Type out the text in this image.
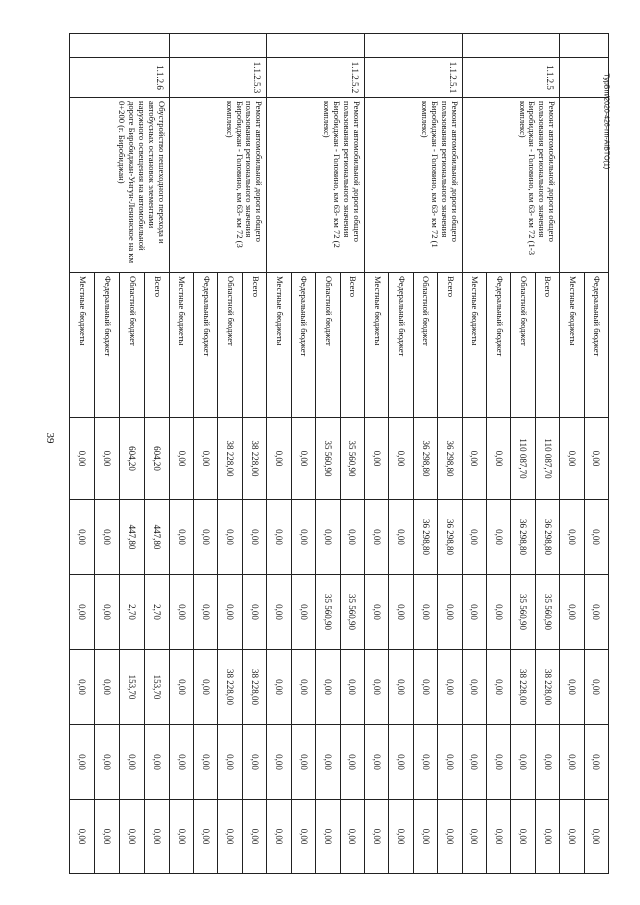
39
			Федеральный бюджет	0,00	0,00	0,00	0,00	0,00	0,00
			Местные бюджеты	0,00	0,00	0,00	0,00	0,00	0,00
	1.1.2.5	Ремонт автомобильной дороги общего пользования регионального значения Биробиджан - Головино, км 63- км 72 (1-3 комплекс)	Всего	110 087,70	36 298,80	35 560,90	38 228,00	0,00	0,00
			Областной бюджет	110 087,70	36 298,80	35 560,90	38 228,00	0,00	0,00
			Федеральный бюджет	0,00	0,00	0,00	0,00	0,00	0,00
			Местные бюджеты	0,00	0,00	0,00	0,00	0,00	0,00
	1.1.2.5.1	Ремонт автомобильной дороги общего пользования регионального значения Биробиджан - Головино, км 63- км 72 (1 комплекс)	Всего	36 298,80	36 298,80	0,00	0,00	0,00	0,00
			Областной бюджет	36 298,80	36 298,80	0,00	0,00	0,00	0,00
			Федеральный бюджет	0,00	0,00	0,00	0,00	0,00	0,00
			Местные бюджеты	0,00	0,00	0,00	0,00	0,00	0,00
	1.1.2.5.2	Ремонт автомобильной дороги общего пользования регионального значения Биробиджан - Головино, км 63- км 72 (2 комплекс)	Всего	35 560,90	0,00	35 560,90	0,00	0,00	0,00
			Областной бюджет	35 560,90	0,00	35 560,90	0,00	0,00	0,00
			Федеральный бюджет	0,00	0,00	0,00	0,00	0,00	0,00
			Местные бюджеты	0,00	0,00	0,00	0,00	0,00	0,00
	1.1.2.5.3	Ремонт автомобильной дороги общего пользования регионального значения Биробиджан - Головино, км 63- км 72 (3 комплекс)	Всего	38 228,00	0,00	0,00	38 228,00	0,00	0,00
			Областной бюджет	38 228,00	0,00	0,00	38 228,00	0,00	0,00
			Федеральный бюджет	0,00	0,00	0,00	0,00	0,00	0,00
			Местные бюджеты	0,00	0,00	0,00	0,00	0,00	0,00
	1.1.2.6	Обустройство пешеходного перехода и автобусных остановок элементами наружного освещения на автомобильной дороге Биробиджан-Унгун-Ленинское на км 0+200 (г. Биробиджан)	Всего	604,20	447,80	2,70	153,70	0,00	0,00
			Областной бюджет	604,20	447,80	2,70	153,70	0,00	0,00
			Федеральный бюджет	0,00	0,00	0,00	0,00	0,00	0,00
			Местные бюджеты	0,00	0,00	0,00	0,00	0,00	0,00
TypBm/2020-426-rm-AIBTO(1)
